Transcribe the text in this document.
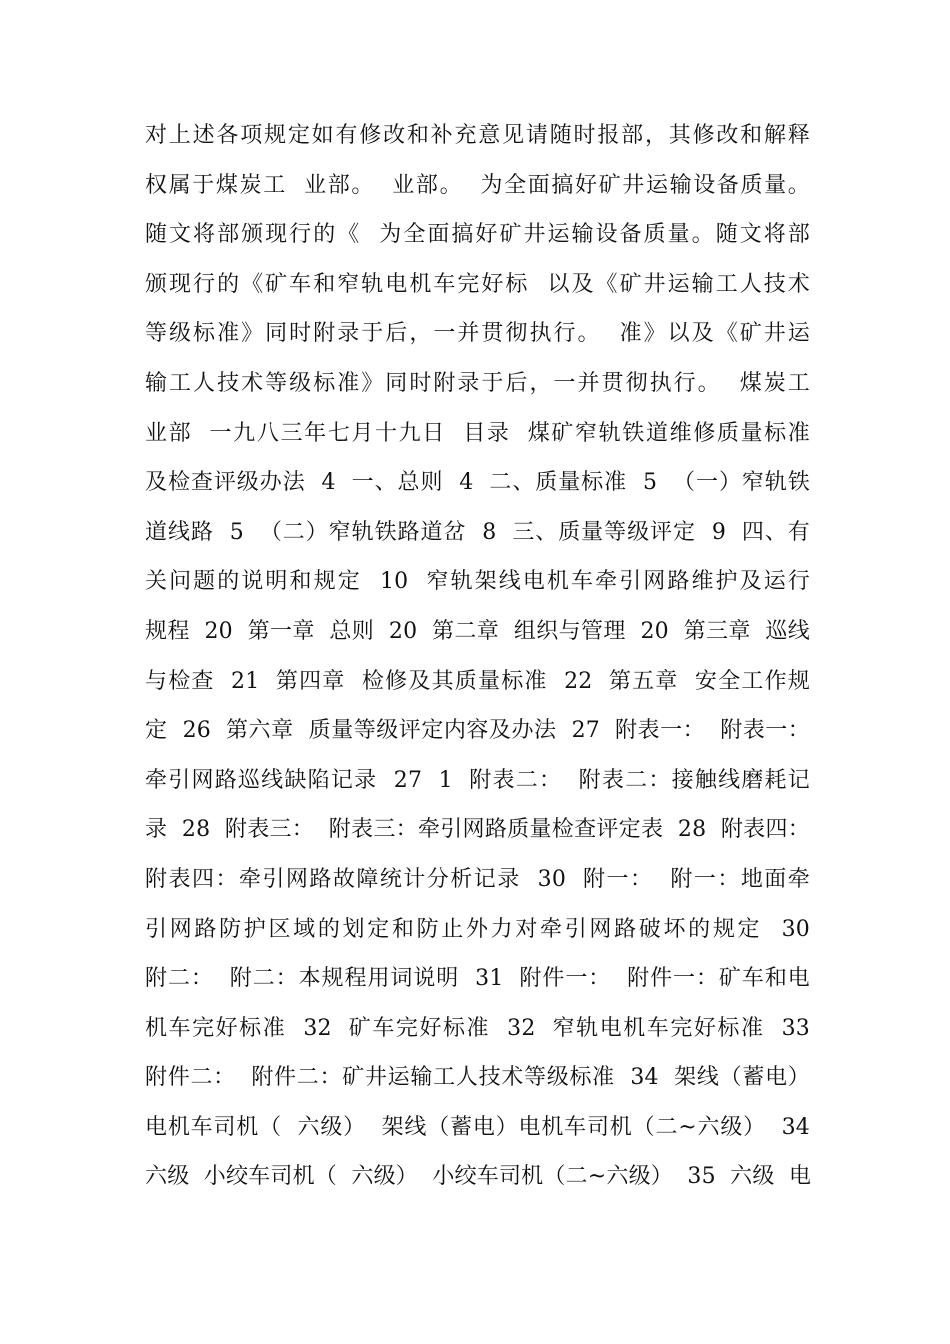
对上述各项规定如有修改和补充意见请随时报部，其修改和解释
权属于煤炭工  业部。  业部。  为全面搞好矿井运输设备质量。
随文将部颁现行的《  为全面搞好矿井运输设备质量。随文将部
颁现行的《矿车和窄轨电机车完好标  以及《矿井运输工人技术
等级标准》同时附录于后，一并贯彻执行。  准》以及《矿井运
输工人技术等级标准》同时附录于后，一并贯彻执行。  煤炭工
业部  一九八三年七月十九日  目录  煤矿窄轨铁道维修质量标准
及检查评级办法  4  一、总则  4  二、质量标准  5  （一）窄轨铁
道线路  5  （二）窄轨铁路道岔  8  三、质量等级评定  9  四、有
关问题的说明和规定  10  窄轨架线电机车牵引网路维护及运行
规程  20  第一章  总则  20  第二章  组织与管理  20  第三章  巡线
与检查  21  第四章  检修及其质量标准  22  第五章  安全工作规
定  26  第六章  质量等级评定内容及办法  27  附表一：  附表一：
牵引网路巡线缺陷记录  27  1  附表二：  附表二：接触线磨耗记
录  28  附表三：  附表三：牵引网路质量检查评定表  28  附表四：
附表四：牵引网路故障统计分析记录  30  附一：  附一：地面牵
引网路防护区域的划定和防止外力对牵引网路破坏的规定  30
附二：  附二：本规程用词说明  31  附件一：  附件一：矿车和电
机车完好标准  32  矿车完好标准  32  窄轨电机车完好标准  33
附件二：  附件二：矿井运输工人技术等级标准  34  架线（蓄电）
电机车司机（  六级）  架线（蓄电）电机车司机（二~六级）  34
六级  小绞车司机（  六级）  小绞车司机（二~六级）  35  六级  电
